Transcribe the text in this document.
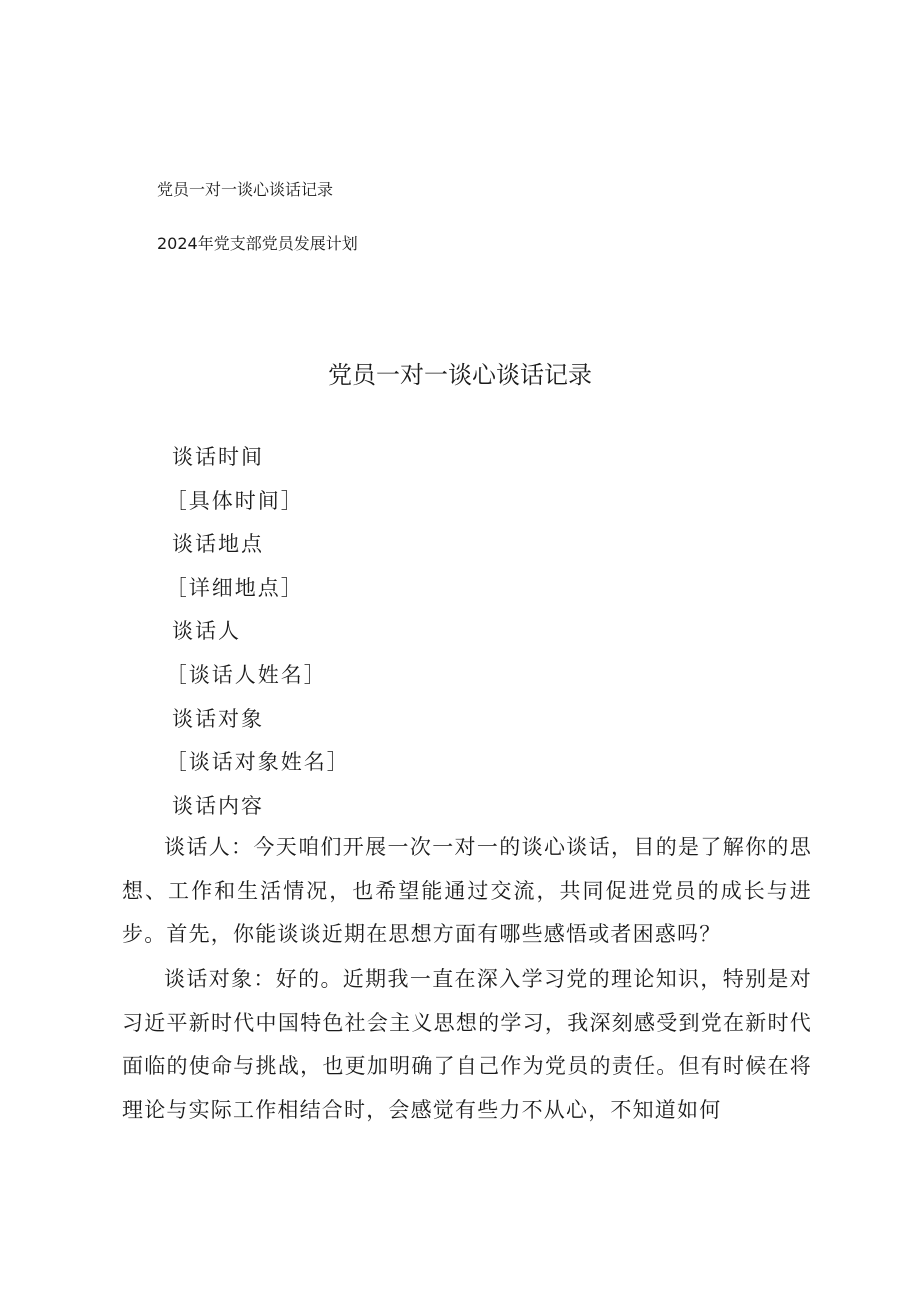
党员一对一谈心谈话记录

2024年党支部党员发展计划

党员一对一谈心谈话记录
谈话时间
［具体时间］
谈话地点
［详细地点］
谈话人
［谈话人姓名］
谈话对象
［谈话对象姓名］
谈话内容

谈话人：今天咱们开展一次一对一的谈心谈话，目的是了解你的思想、工作和生活情况，也希望能通过交流，共同促进党员的成长与进步。首先，你能谈谈近期在思想方面有哪些感悟或者困惑吗？

谈话对象：好的。近期我一直在深入学习党的理论知识，特别是对习近平新时代中国特色社会主义思想的学习，我深刻感受到党在新时代面临的使命与挑战，也更加明确了自己作为党员的责任。但有时候在将理论与实际工作相结合时，会感觉有些力不从心，不知道如何
